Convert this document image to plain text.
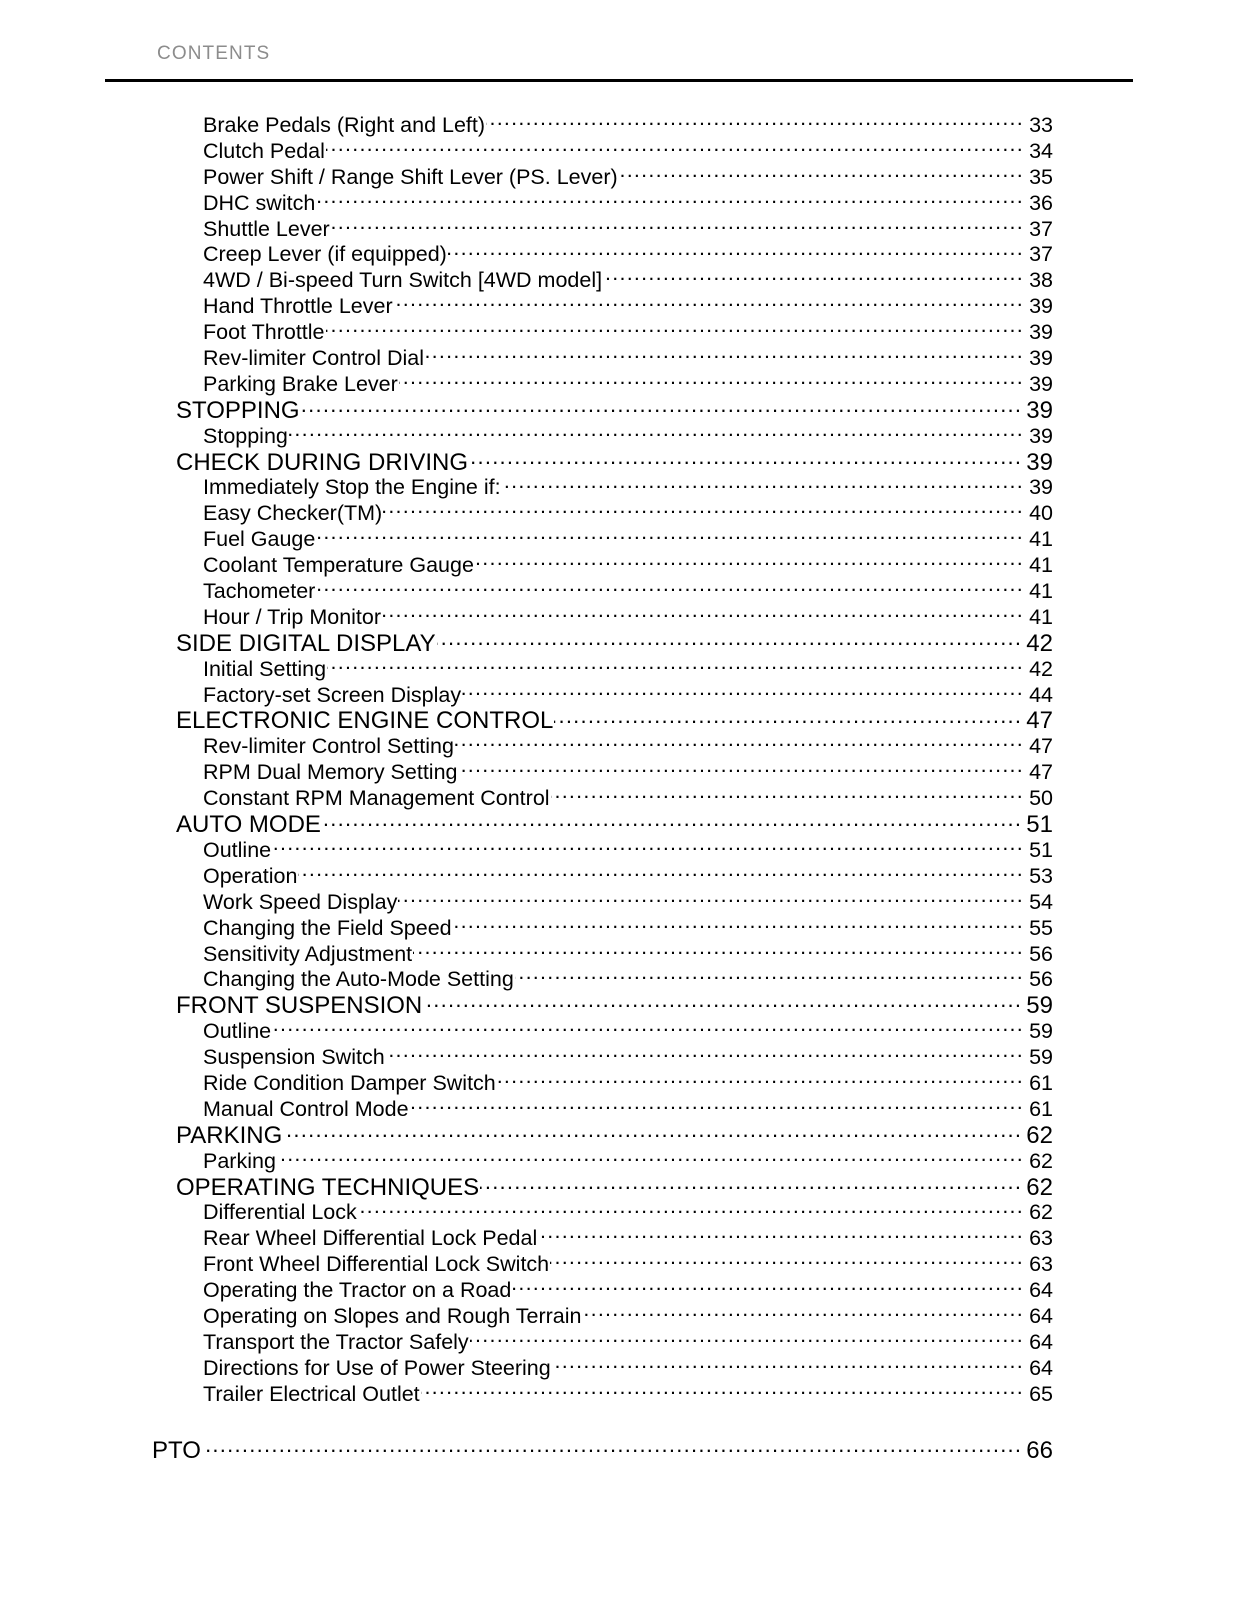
CONTENTS
Brake Pedals (Right and Left) .....	33
Clutch Pedal .....	34
Power Shift / Range Shift Lever (PS. Lever) .....	35
DHC switch .....	36
Shuttle Lever .....	37
Creep Lever (if equipped) .....	37
4WD / Bi-speed Turn Switch [4WD model] .....	38
Hand Throttle Lever .....	39
Foot Throttle .....	39
Rev-limiter Control Dial .....	39
Parking Brake Lever .....	39
STOPPING .....	39
Stopping .....	39
CHECK DURING DRIVING .....	39
Immediately Stop the Engine if: .....	39
Easy Checker(TM) .....	40
Fuel Gauge .....	41
Coolant Temperature Gauge .....	41
Tachometer .....	41
Hour / Trip Monitor .....	41
SIDE DIGITAL DISPLAY .....	42
Initial Setting .....	42
Factory-set Screen Display .....	44
ELECTRONIC ENGINE CONTROL .....	47
Rev-limiter Control Setting .....	47
RPM Dual Memory Setting .....	47
Constant RPM Management Control .....	50
AUTO MODE .....	51
Outline .....	51
Operation .....	53
Work Speed Display .....	54
Changing the Field Speed .....	55
Sensitivity Adjustment .....	56
Changing the Auto-Mode Setting .....	56
FRONT SUSPENSION .....	59
Outline .....	59
Suspension Switch .....	59
Ride Condition Damper Switch .....	61
Manual Control Mode .....	61
PARKING .....	62
Parking .....	62
OPERATING TECHNIQUES .....	62
Differential Lock .....	62
Rear Wheel Differential Lock Pedal .....	63
Front Wheel Differential Lock Switch .....	63
Operating the Tractor on a Road .....	64
Operating on Slopes and Rough Terrain .....	64
Transport the Tractor Safely .....	64
Directions for Use of Power Steering .....	64
Trailer Electrical Outlet .....	65
PTO .....	66
